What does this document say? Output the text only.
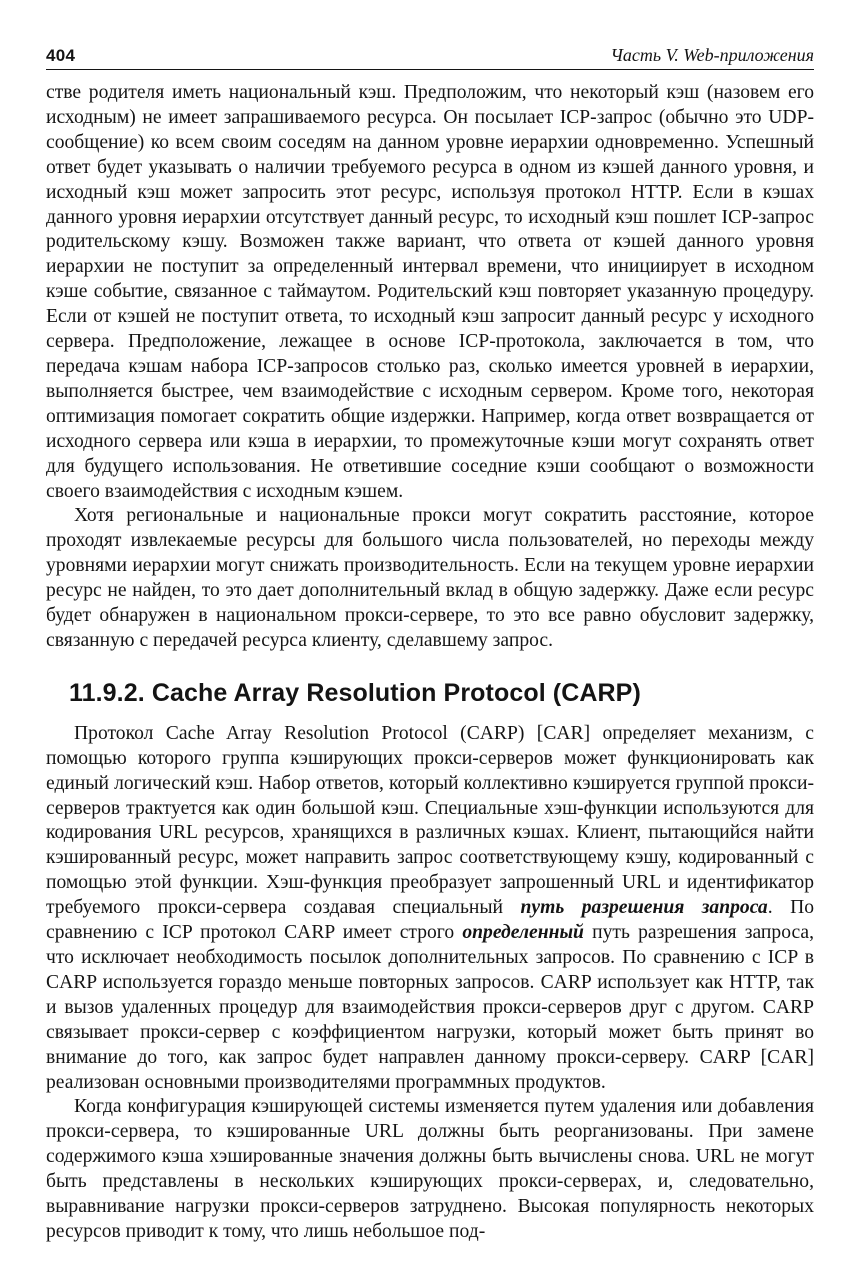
404	Часть V. Web-приложения

стве родителя иметь национальный кэш. Предположим, что некоторый кэш (назовем его исходным) не имеет запрашиваемого ресурса. Он посылает ICP-запрос (обычно это UDP-сообщение) ко всем своим соседям на данном уровне иерархии одновременно. Успешный ответ будет указывать о наличии требуемого ресурса в одном из кэшей данного уровня, и исходный кэш может запросить этот ресурс, используя протокол HTTP. Если в кэшах данного уровня иерархии отсутствует данный ресурс, то исходный кэш пошлет ICP-запрос родительскому кэшу. Возможен также вариант, что ответа от кэшей данного уровня иерархии не поступит за определенный интервал времени, что инициирует в исходном кэше событие, связанное с таймаутом. Родительский кэш повторяет указанную процедуру. Если от кэшей не поступит ответа, то исходный кэш запросит данный ресурс у исходного сервера. Предположение, лежащее в основе ICP-протокола, заключается в том, что передача кэшам набора ICP-запросов столько раз, сколько имеется уровней в иерархии, выполняется быстрее, чем взаимодействие с исходным сервером. Кроме того, некоторая оптимизация помогает сократить общие издержки. Например, когда ответ возвращается от исходного сервера или кэша в иерархии, то промежуточные кэши могут сохранять ответ для будущего использования. Не ответившие соседние кэши сообщают о возможности своего взаимодействия с исходным кэшем.

Хотя региональные и национальные прокси могут сократить расстояние, которое проходят извлекаемые ресурсы для большого числа пользователей, но переходы между уровнями иерархии могут снижать производительность. Если на текущем уровне иерархии ресурс не найден, то это дает дополнительный вклад в общую задержку. Даже если ресурс будет обнаружен в национальном прокси-сервере, то это все равно обусловит задержку, связанную с передачей ресурса клиенту, сделавшему запрос.

11.9.2. Cache Array Resolution Protocol (CARP)

Протокол Cache Array Resolution Protocol (CARP) [CAR] определяет механизм, с помощью которого группа кэширующих прокси-серверов может функционировать как единый логический кэш. Набор ответов, который коллективно кэшируется группой прокси-серверов трактуется как один большой кэш. Специальные хэш-функции используются для кодирования URL ресурсов, хранящихся в различных кэшах. Клиент, пытающийся найти кэшированный ресурс, может направить запрос соответствующему кэшу, кодированный с помощью этой функции. Хэш-функция преобразует запрошенный URL и идентификатор требуемого прокси-сервера создавая специальный путь разрешения запроса. По сравнению с ICP протокол CARP имеет строго определенный путь разрешения запроса, что исключает необходимость посылок дополнительных запросов. По сравнению с ICP в CARP используется гораздо меньше повторных запросов. CARP использует как HTTP, так и вызов удаленных процедур для взаимодействия прокси-серверов друг с другом. CARP связывает прокси-сервер с коэффициентом нагрузки, который может быть принят во внимание до того, как запрос будет направлен данному прокси-серверу. CARP [CAR] реализован основными производителями программных продуктов.

Когда конфигурация кэширующей системы изменяется путем удаления или добавления прокси-сервера, то кэшированные URL должны быть реорганизованы. При замене содержимого кэша хэшированные значения должны быть вычислены снова. URL не могут быть представлены в нескольких кэширующих прокси-серверах, и, следовательно, выравнивание нагрузки прокси-серверов затруднено. Высокая популярность некоторых ресурсов приводит к тому, что лишь небольшое под-
